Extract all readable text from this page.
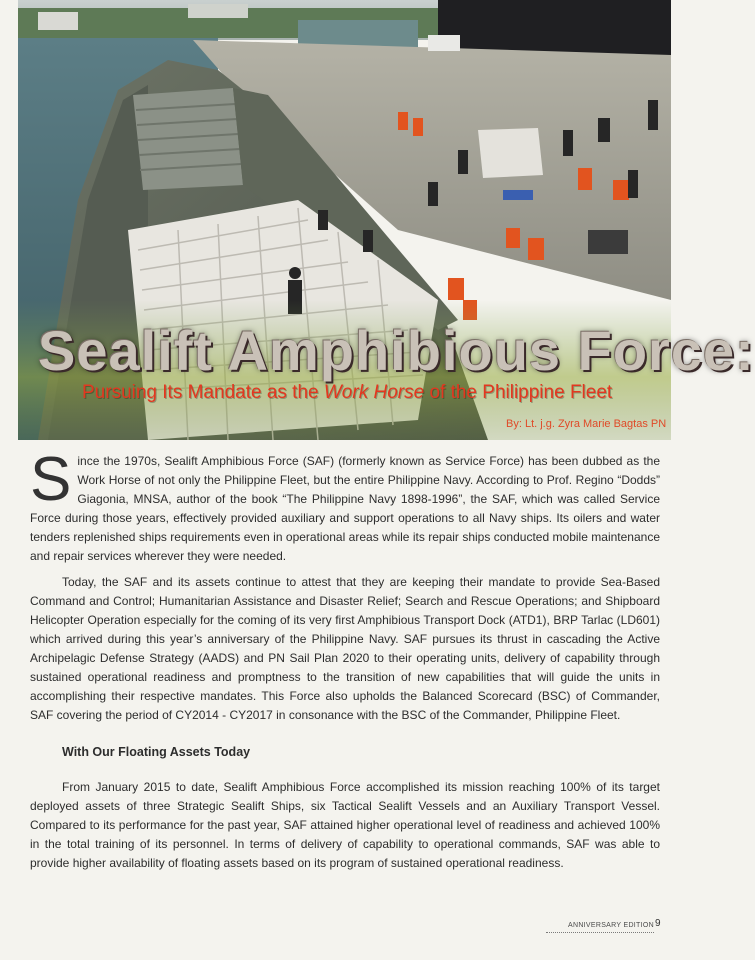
Sealift Amphibious Force:
Pursuing Its Mandate as the Work Horse of the Philippine Fleet
By: Lt. j.g. Zyra Marie Bagtas PN

Since the 1970s, Sealift Amphibious Force (SAF) (formerly known as Service Force) has been dubbed as the Work Horse of not only the Philippine Fleet, but the entire Philippine Navy. According to Prof. Regino “Dodds” Giagonia, MNSA, author of the book “The Philippine Navy 1898-1996”, the SAF, which was called Service Force during those years, effectively provided auxiliary and support operations to all Navy ships. Its oilers and water tenders replenished ships requirements even in operational areas while its repair ships conducted mobile maintenance and repair services wherever they were needed.

Today, the SAF and its assets continue to attest that they are keeping their mandate to provide Sea-Based Command and Control; Humanitarian Assistance and Disaster Relief; Search and Rescue Operations; and Shipboard Helicopter Operation especially for the coming of its very first Amphibious Transport Dock (ATD1), BRP Tarlac (LD601) which arrived during this year’s anniversary of the Philippine Navy. SAF pursues its thrust in cascading the Active Archipelagic Defense Strategy (AADS) and PN Sail Plan 2020 to their operating units, delivery of capability through sustained operational readiness and promptness to the transition of new capabilities that will guide the units in accomplishing their respective mandates. This Force also upholds the Balanced Scorecard (BSC) of Commander, SAF covering the period of CY2014 - CY2017 in consonance with the BSC of the Commander, Philippine Fleet.

With Our Floating Assets Today

From January 2015 to date, Sealift Amphibious Force accomplished its mission reaching 100% of its target deployed assets of three Strategic Sealift Ships, six Tactical Sealift Vessels and an Auxiliary Transport Vessel. Compared to its performance for the past year, SAF attained higher operational level of readiness and achieved 100% in the total training of its personnel. In terms of delivery of capability to operational commands, SAF was able to provide higher availability of floating assets based on its program of sustained operational readiness.

ANNIVERSARY EDITION 9
